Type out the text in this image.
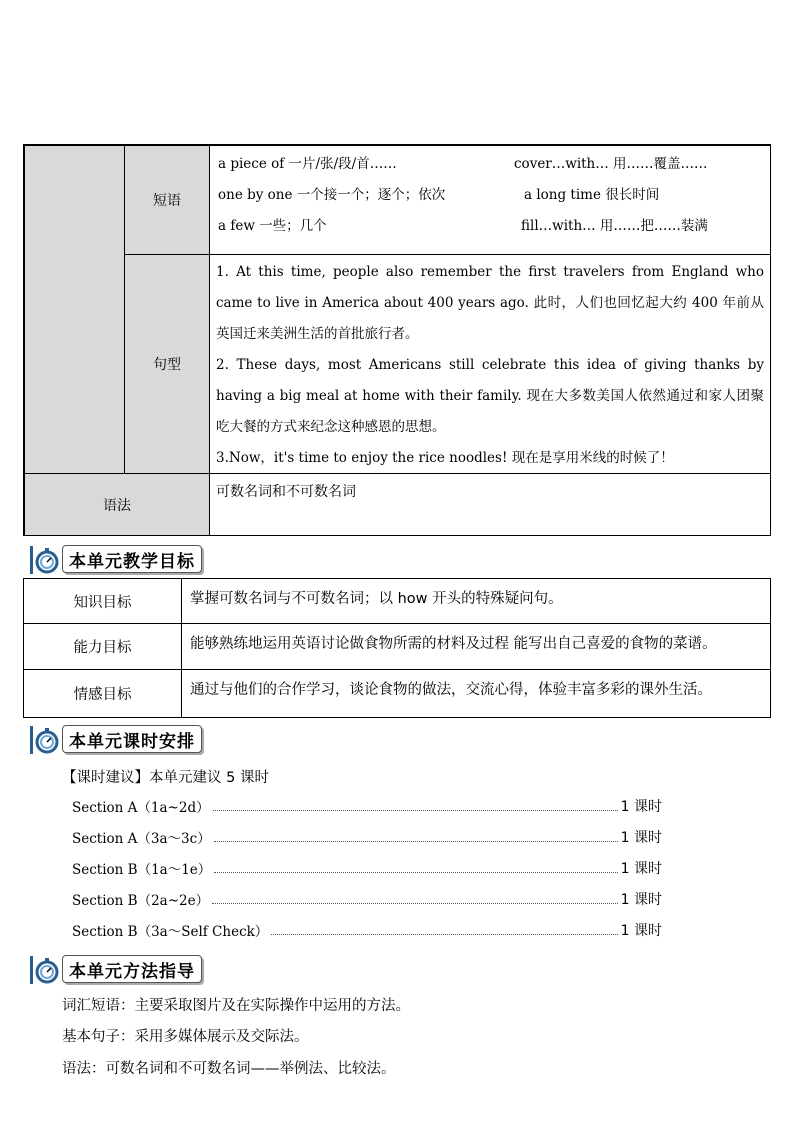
短语
a piece of 一片/张/段/首……	cover…with… 用……覆盖……
one by one 一个接一个；逐个；依次	a long time 很长时间
a few 一些；几个	fill…with… 用……把……装满
句型

1. At this time, people also remember the first travelers from England who came to live in America about 400 years ago. 此时，人们也回忆起大约 400 年前从英国迁来美洲生活的首批旅行者。

2. These days, most Americans still celebrate this idea of giving thanks by having a big meal at home with their family. 现在大多数美国人依然通过和家人团聚吃大餐的方式来纪念这种感恩的思想。

3.Now，it's time to enjoy the rice noodles! 现在是享用米线的时候了！

语法
可数名词和不可数名词
本单元教学目标
知识目标	掌握可数名词与不可数名词；以 how 开头的特殊疑问句。
能力目标	能够熟练地运用英语讨论做食物所需的材料及过程 能写出自己喜爱的食物的菜谱。
情感目标	通过与他们的合作学习，谈论食物的做法，交流心得，体验丰富多彩的课外生活。
本单元课时安排
【课时建议】本单元建议 5 课时
Section A（1a~2d）	1 课时
Section A（3a～3c）	1 课时
Section B（1a～1e）	1 课时
Section B（2a~2e）	1 课时
Section B（3a～Self Check）	1 课时
本单元方法指导
词汇短语：主要采取图片及在实际操作中运用的方法。
基本句子：采用多媒体展示及交际法。
语法：可数名词和不可数名词——举例法、比较法。
